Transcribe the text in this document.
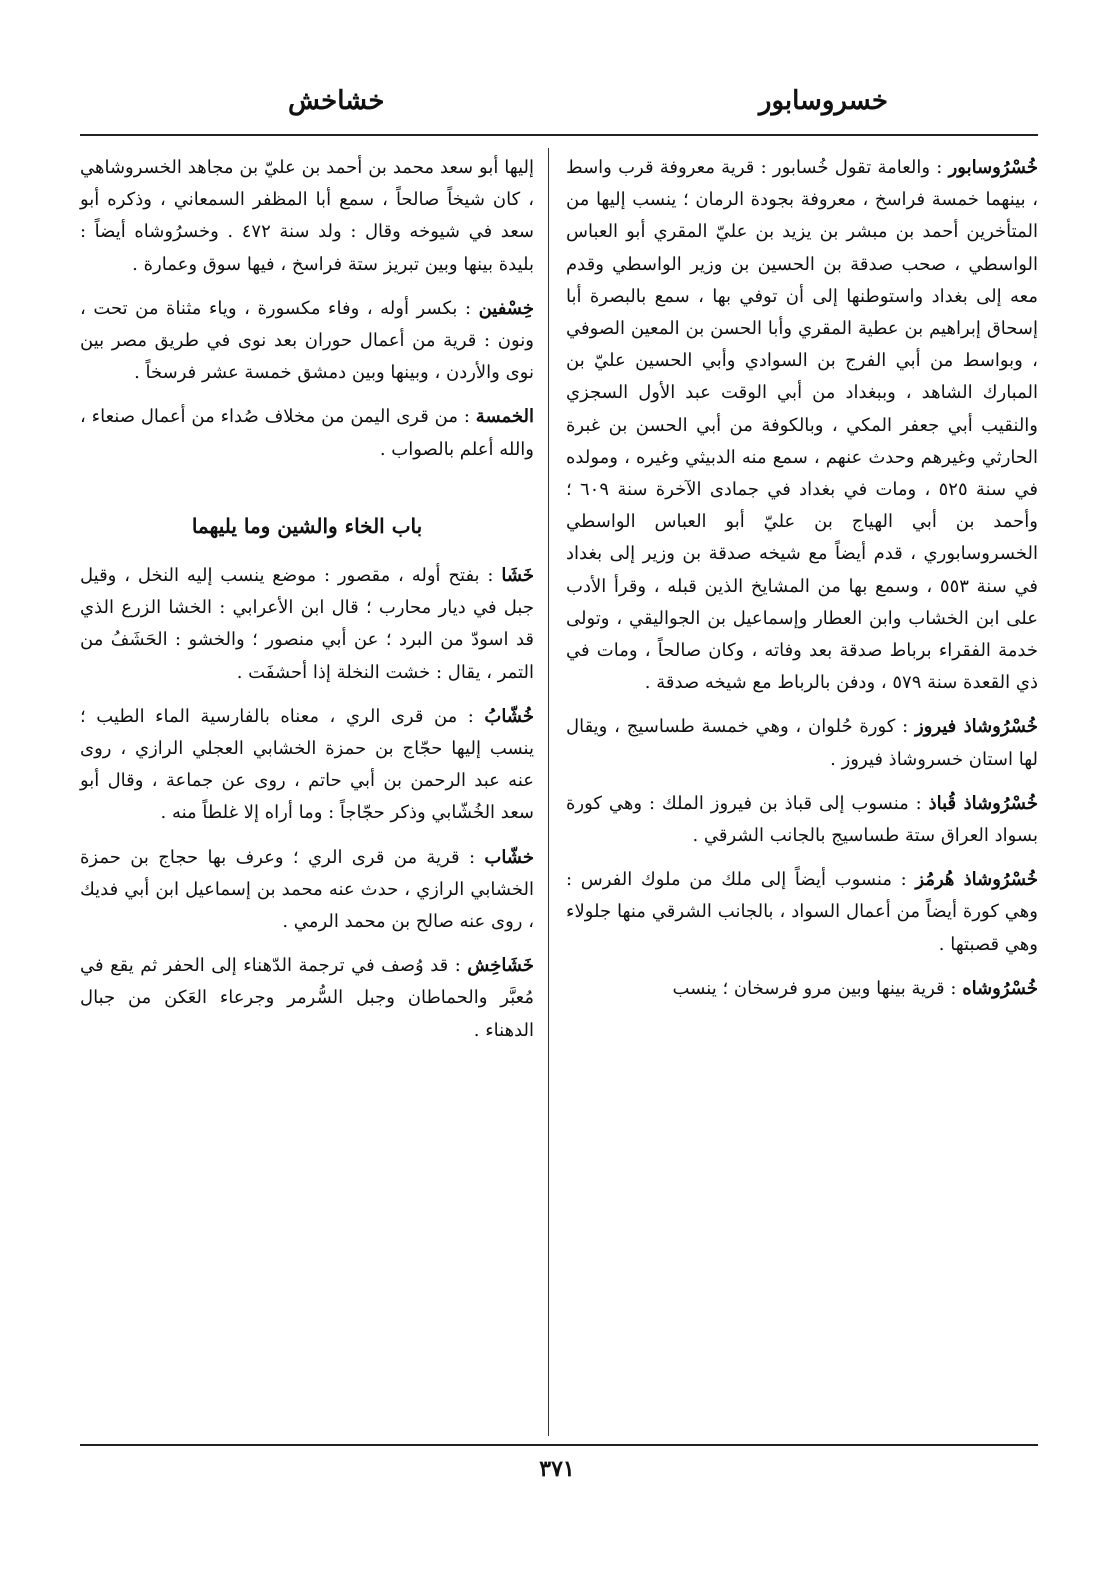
خسروسابور
خشاخش

خُسْرُوسابور : والعامة تقول خُسابور : قرية معروفة قرب واسط ، بينهما خمسة فراسخ ، معروفة بجودة الرمان ؛ ينسب إليها من المتأخرين أحمد بن مبشر بن يزيد بن عليّ المقري أبو العباس الواسطي ، صحب صدقة بن الحسين بن وزير الواسطي وقدم معه إلى بغداد واستوطنها إلى أن توفي بها ، سمع بالبصرة أبا إسحاق إبراهيم بن عطية المقري وأبا الحسن بن المعين الصوفي ، وبواسط من أبي الفرج بن السوادي وأبي الحسين عليّ بن المبارك الشاهد ، وببغداد من أبي الوقت عبد الأول السجزي والنقيب أبي جعفر المكي ، وبالكوفة من أبي الحسن بن غبرة الحارثي وغيرهم وحدث عنهم ، سمع منه الدبيثي وغيره ، ومولده في سنة ٥٢٥ ، ومات في بغداد في جمادى الآخرة سنة ٦٠٩ ؛ وأحمد بن أبي الهياج بن عليّ أبو العباس الواسطي الخسروسابوري ، قدم أيضاً مع شيخه صدقة بن وزير إلى بغداد في سنة ٥٥٣ ، وسمع بها من المشايخ الذين قبله ، وقرأ الأدب على ابن الخشاب وابن العطار وإسماعيل بن الجواليقي ، وتولى خدمة الفقراء برباط صدقة بعد وفاته ، وكان صالحاً ، ومات في ذي القعدة سنة ٥٧٩ ، ودفن بالرباط مع شيخه صدقة .

خُسْرُوشاذ فيروز : كورة حُلوان ، وهي خمسة طساسيج ، ويقال لها استان خسروشاذ فيروز .

خُسْرُوشاذ قُباذ : منسوب إلى قباذ بن فيروز الملك : وهي كورة بسواد العراق ستة طساسيج بالجانب الشرقي .

خُسْرُوشاذ هُرمُز : منسوب أيضاً إلى ملك من ملوك الفرس : وهي كورة أيضاً من أعمال السواد ، بالجانب الشرقي منها جلولاء وهي قصبتها .

خُسْرُوشاه : قرية بينها وبين مرو فرسخان ؛ ينسب

إليها أبو سعد محمد بن أحمد بن عليّ بن مجاهد الخسروشاهي ، كان شيخاً صالحاً ، سمع أبا المظفر السمعاني ، وذكره أبو سعد في شيوخه وقال : ولد سنة ٤٧٢ . وخسرُوشاه أيضاً : بليدة بينها وبين تبريز ستة فراسخ ، فيها سوق وعمارة .

خِسْفين : بكسر أوله ، وفاء مكسورة ، وياء مثناة من تحت ، ونون : قرية من أعمال حوران بعد نوى في طريق مصر بين نوى والأردن ، وبينها وبين دمشق خمسة عشر فرسخاً .

الخمسة : من قرى اليمن من مخلاف صُداء من أعمال صنعاء ، والله أعلم بالصواب .

باب الخاء والشين وما يليهما

خَشَا : بفتح أوله ، مقصور : موضع ينسب إليه النخل ، وقيل جبل في ديار محارب ؛ قال ابن الأعرابي : الخشا الزرع الذي قد اسودّ من البرد ؛ عن أبي منصور ؛ والخشو : الحَشَفُ من التمر ، يقال : خشت النخلة إذا أحشفَت .

خُشّابُ : من قرى الري ، معناه بالفارسية الماء الطيب ؛ ينسب إليها حجّاج بن حمزة الخشابي العجلي الرازي ، روى عنه عبد الرحمن بن أبي حاتم ، روى عن جماعة ، وقال أبو سعد الخُشّابي وذكر حجّاجاً : وما أراه إلا غلطاً منه .

خشّاب : قرية من قرى الري ؛ وعرف بها حجاج بن حمزة الخشابي الرازي ، حدث عنه محمد بن إسماعيل ابن أبي فديك ، روى عنه صالح بن محمد الرمي .

خَشَاخِش : قد وُصف في ترجمة الدّهناء إلى الحفر ثم يقع في مُعبَّر والحماطان وجبل السُّرمر وجرعاء العَكن من جبال الدهناء .

٣٧١
